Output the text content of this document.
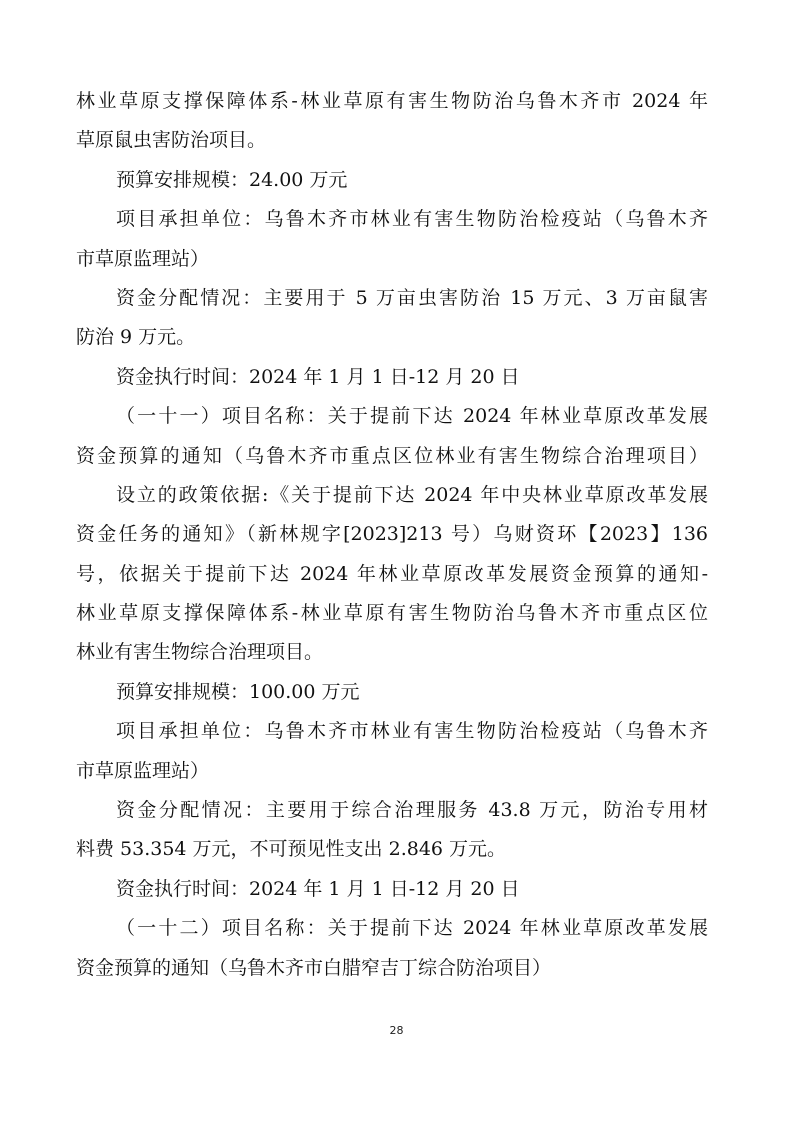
林业草原支撑保障体系-林业草原有害生物防治乌鲁木齐市 2024 年
草原鼠虫害防治项目。
预算安排规模：24.00 万元
项目承担单位：乌鲁木齐市林业有害生物防治检疫站（乌鲁木齐
市草原监理站）
资金分配情况：主要用于 5 万亩虫害防治 15 万元、3 万亩鼠害
防治 9 万元。
资金执行时间：2024 年 1 月 1 日-12 月 20 日
（一十一）项目名称：关于提前下达 2024 年林业草原改革发展
资金预算的通知（乌鲁木齐市重点区位林业有害生物综合治理项目）
设立的政策依据:《关于提前下达 2024 年中央林业草原改革发展
资金任务的通知》（新林规字[2023]213 号）乌财资环【2023】136
号，依据关于提前下达 2024 年林业草原改革发展资金预算的通知-
林业草原支撑保障体系-林业草原有害生物防治乌鲁木齐市重点区位
林业有害生物综合治理项目。
预算安排规模：100.00 万元
项目承担单位：乌鲁木齐市林业有害生物防治检疫站（乌鲁木齐
市草原监理站）
资金分配情况：主要用于综合治理服务 43.8 万元，防治专用材
料费 53.354 万元，不可预见性支出 2.846 万元。
资金执行时间：2024 年 1 月 1 日-12 月 20 日
（一十二）项目名称：关于提前下达 2024 年林业草原改革发展
资金预算的通知（乌鲁木齐市白腊窄吉丁综合防治项目）
28
